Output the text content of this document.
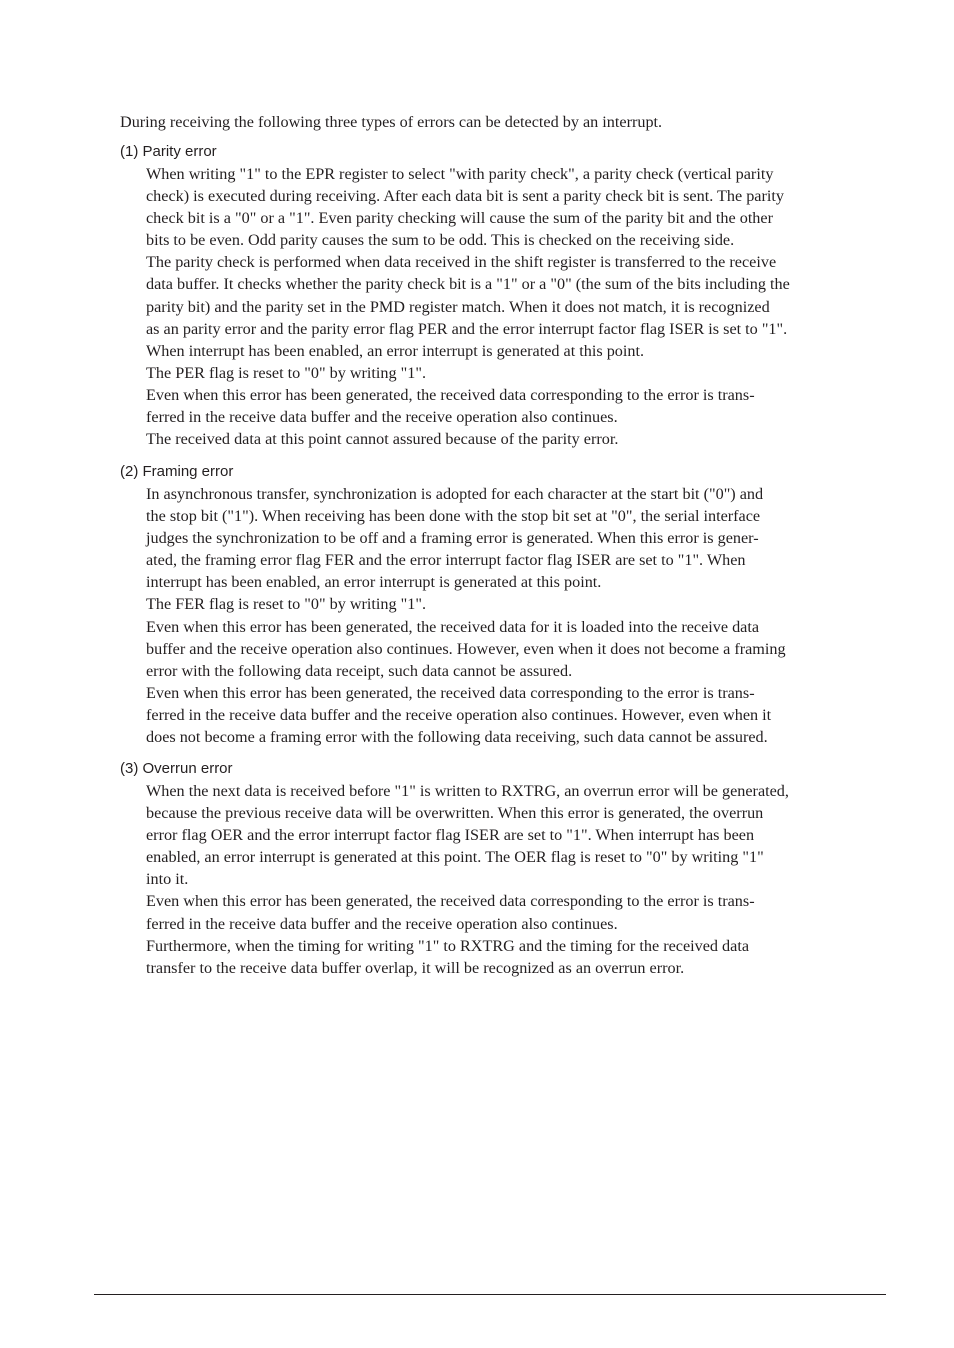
During receiving the following three types of errors can be detected by an interrupt.

(1) Parity error

When writing "1" to the EPR register to select "with parity check", a parity check (vertical parity
check) is executed during receiving. After each data bit is sent a parity check bit is sent. The parity
check bit is a "0" or a "1". Even parity checking will cause the sum of the parity bit and the other
bits to be even. Odd parity causes the sum to be odd. This is checked on the receiving side.
The parity check is performed when data received in the shift register is transferred to the receive
data buffer. It checks whether the parity check bit is a "1" or a "0" (the sum of the bits including the
parity bit) and the parity set in the PMD register match. When it does not match, it is recognized
as an parity error and the parity error flag PER and the error interrupt factor flag ISER is set to "1".
When interrupt has been enabled, an error interrupt is generated at this point.
The PER flag is reset to "0" by writing "1".
Even when this error has been generated, the received data corresponding to the error is trans-
ferred in the receive data buffer and the receive operation also continues.
The received data at this point cannot assured because of the parity error.

(2) Framing error

In asynchronous transfer, synchronization is adopted for each character at the start bit ("0") and
the stop bit ("1"). When receiving has been done with the stop bit set at "0", the serial interface
judges the synchronization to be off and a framing error is generated. When this error is gener-
ated, the framing error flag FER and the error interrupt factor flag ISER are set to "1". When
interrupt has been enabled, an error interrupt is generated at this point.
The FER flag is reset to "0" by writing "1".
Even when this error has been generated, the received data for it is loaded into the receive data
buffer and the receive operation also continues. However, even when it does not become a framing
error with the following data receipt, such data cannot be assured.
Even when this error has been generated, the received data corresponding to the error is trans-
ferred in the receive data buffer and the receive operation also continues. However, even when it
does not become a framing error with the following data receiving, such data cannot be assured.

(3) Overrun error

When the next data is received before "1" is written to RXTRG, an overrun error will be generated,
because the previous receive data will be overwritten. When this error is generated, the overrun
error flag OER and the error interrupt factor flag ISER are set to "1". When interrupt has been
enabled, an error interrupt is generated at this point. The OER flag is reset to "0" by writing "1"
into it.
Even when this error has been generated, the received data corresponding to the error is trans-
ferred in the receive data buffer and the receive operation also continues.
Furthermore, when the timing for writing "1" to RXTRG and the timing for the received data
transfer to the receive data buffer overlap, it will be recognized as an overrun error.
